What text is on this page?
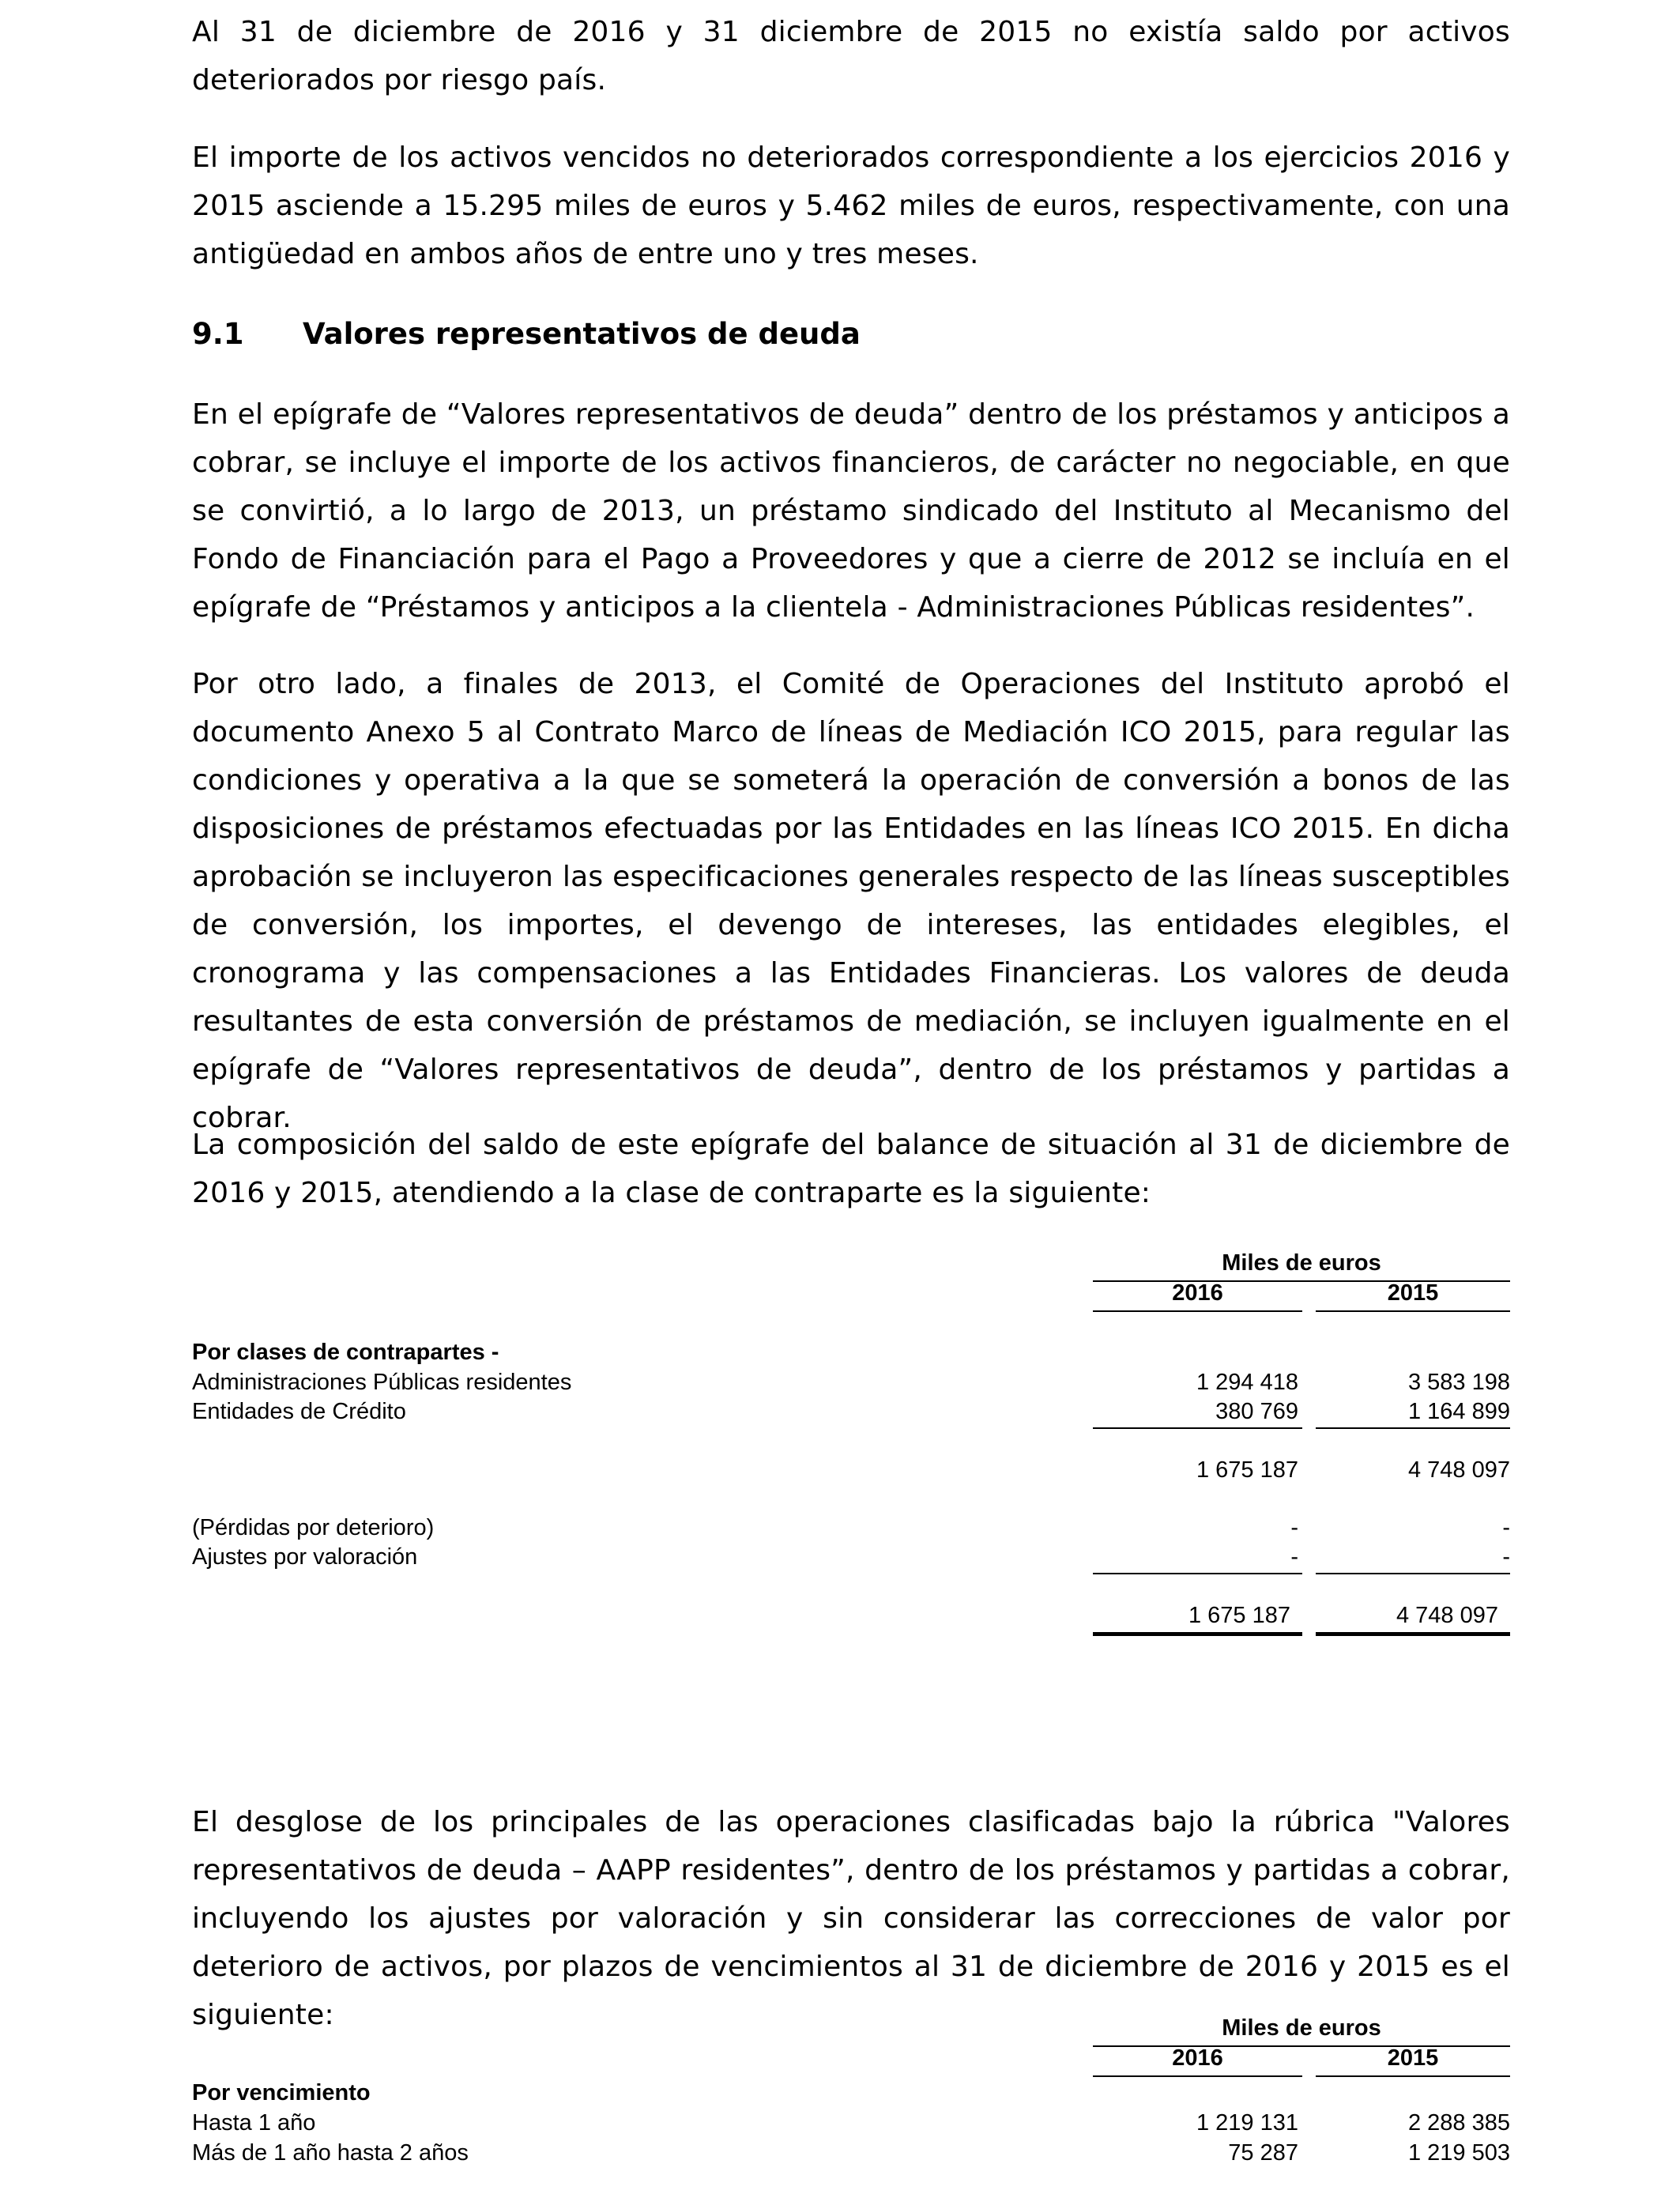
Al 31 de diciembre de 2016 y 31 diciembre de 2015 no existía saldo por activos deteriorados por riesgo país.

El importe de los activos vencidos no deteriorados correspondiente a los ejercicios 2016 y 2015 asciende a 15.295 miles de euros y 5.462 miles de euros, respectivamente, con una antigüedad en ambos años de entre uno y tres meses.

9.1 Valores representativos de deuda

En el epígrafe de “Valores representativos de deuda” dentro de los préstamos y anticipos a cobrar, se incluye el importe de los activos financieros, de carácter no negociable, en que se convirtió, a lo largo de 2013, un préstamo sindicado del Instituto al Mecanismo del Fondo de Financiación para el Pago a Proveedores y que a cierre de 2012 se incluía en el epígrafe de “Préstamos y anticipos a la clientela - Administraciones Públicas residentes”.

Por otro lado, a finales de 2013, el Comité de Operaciones del Instituto aprobó el documento Anexo 5 al Contrato Marco de líneas de Mediación ICO 2015, para regular las condiciones y operativa a la que se someterá la operación de conversión a bonos de las disposiciones de préstamos efectuadas por las Entidades en las líneas ICO 2015. En dicha aprobación se incluyeron las especificaciones generales respecto de las líneas susceptibles de conversión, los importes, el devengo de intereses, las entidades elegibles, el cronograma y las compensaciones a las Entidades Financieras. Los valores de deuda resultantes de esta conversión de préstamos de mediación, se incluyen igualmente en el epígrafe de “Valores representativos de deuda”, dentro de los préstamos y partidas a cobrar.

La composición del saldo de este epígrafe del balance de situación al 31 de diciembre de 2016 y 2015, atendiendo a la clase de contraparte es la siguiente:

Miles de euros
2016	2015
Por clases de contrapartes -
Administraciones Públicas residentes	1 294 418	3 583 198
Entidades de Crédito	380 769	1 164 899
1 675 187	4 748 097
(Pérdidas por deterioro)	-	-
Ajustes por valoración	-	-
1 675 187	4 748 097

El desglose de los principales de las operaciones clasificadas bajo la rúbrica "Valores representativos de deuda – AAPP residentes”, dentro de los préstamos y partidas a cobrar, incluyendo los ajustes por valoración y sin considerar las correcciones de valor por deterioro de activos, por plazos de vencimientos al 31 de diciembre de 2016 y 2015 es el siguiente:	Miles de euros
2016	2015
Por vencimiento
Hasta 1 año	1 219 131	2 288 385
Más de 1 año hasta 2 años	75 287	1 219 503
